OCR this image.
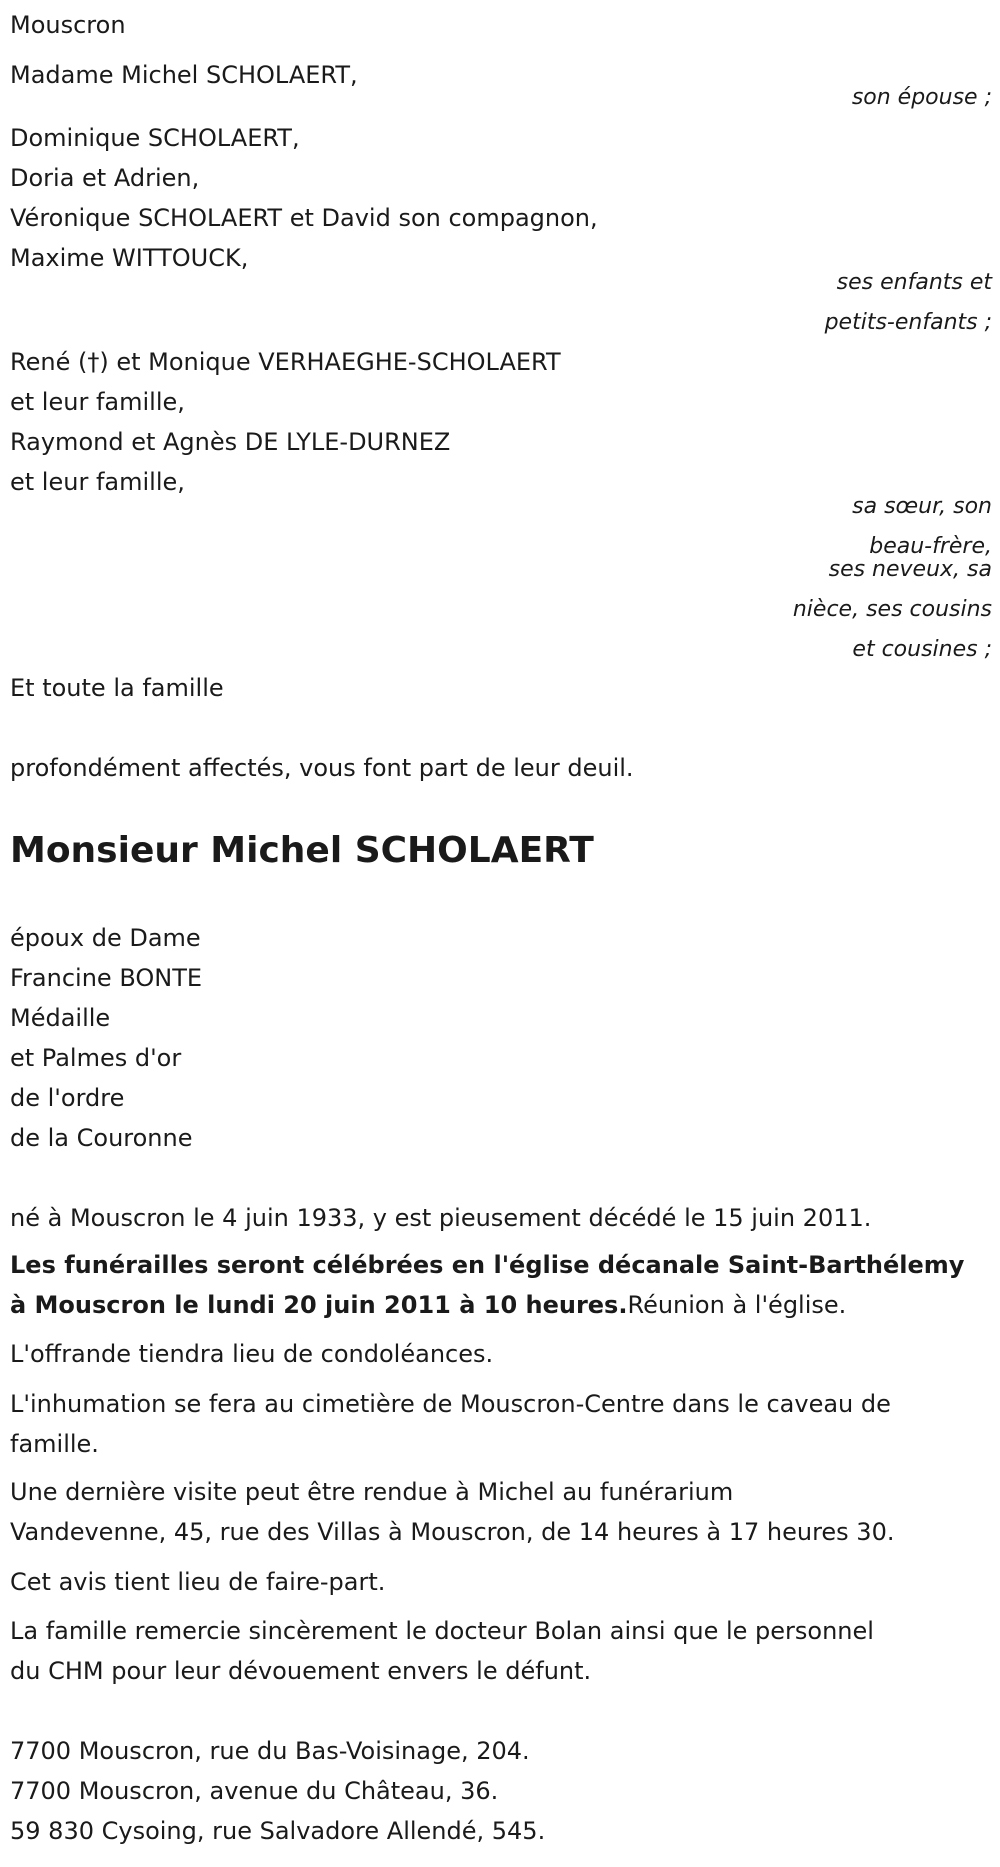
Mouscron
Madame Michel SCHOLAERT,
son épouse ;
Dominique SCHOLAERT,
Doria et Adrien,
Véronique SCHOLAERT et David son compagnon,
Maxime WITTOUCK,
ses enfants et
petits-enfants ;
René (†) et Monique VERHAEGHE-SCHOLAERT
et leur famille,
Raymond et Agnès DE LYLE-DURNEZ
et leur famille,
sa sœur, son
beau-frère,
ses neveux, sa
nièce, ses cousins
et cousines ;
Et toute la famille
profondément affectés, vous font part de leur deuil.
Monsieur Michel SCHOLAERT
époux de Dame
Francine BONTE
Médaille
et Palmes d'or
de l'ordre
de la Couronne
né à Mouscron le 4 juin 1933, y est pieusement décédé le 15 juin 2011.
Les funérailles seront célébrées en l'église décanale Saint-Barthélemy
à Mouscron le lundi 20 juin 2011 à 10 heures.Réunion à l'église.
L'offrande tiendra lieu de condoléances.
L'inhumation se fera au cimetière de Mouscron-Centre dans le caveau de
famille.
Une dernière visite peut être rendue à Michel au funérarium
Vandevenne, 45, rue des Villas à Mouscron, de 14 heures à 17 heures 30.
Cet avis tient lieu de faire-part.
La famille remercie sincèrement le docteur Bolan ainsi que le personnel
du CHM pour leur dévouement envers le défunt.
7700 Mouscron, rue du Bas-Voisinage, 204.
7700 Mouscron, avenue du Château, 36.
59 830 Cysoing, rue Salvadore Allendé, 545.
